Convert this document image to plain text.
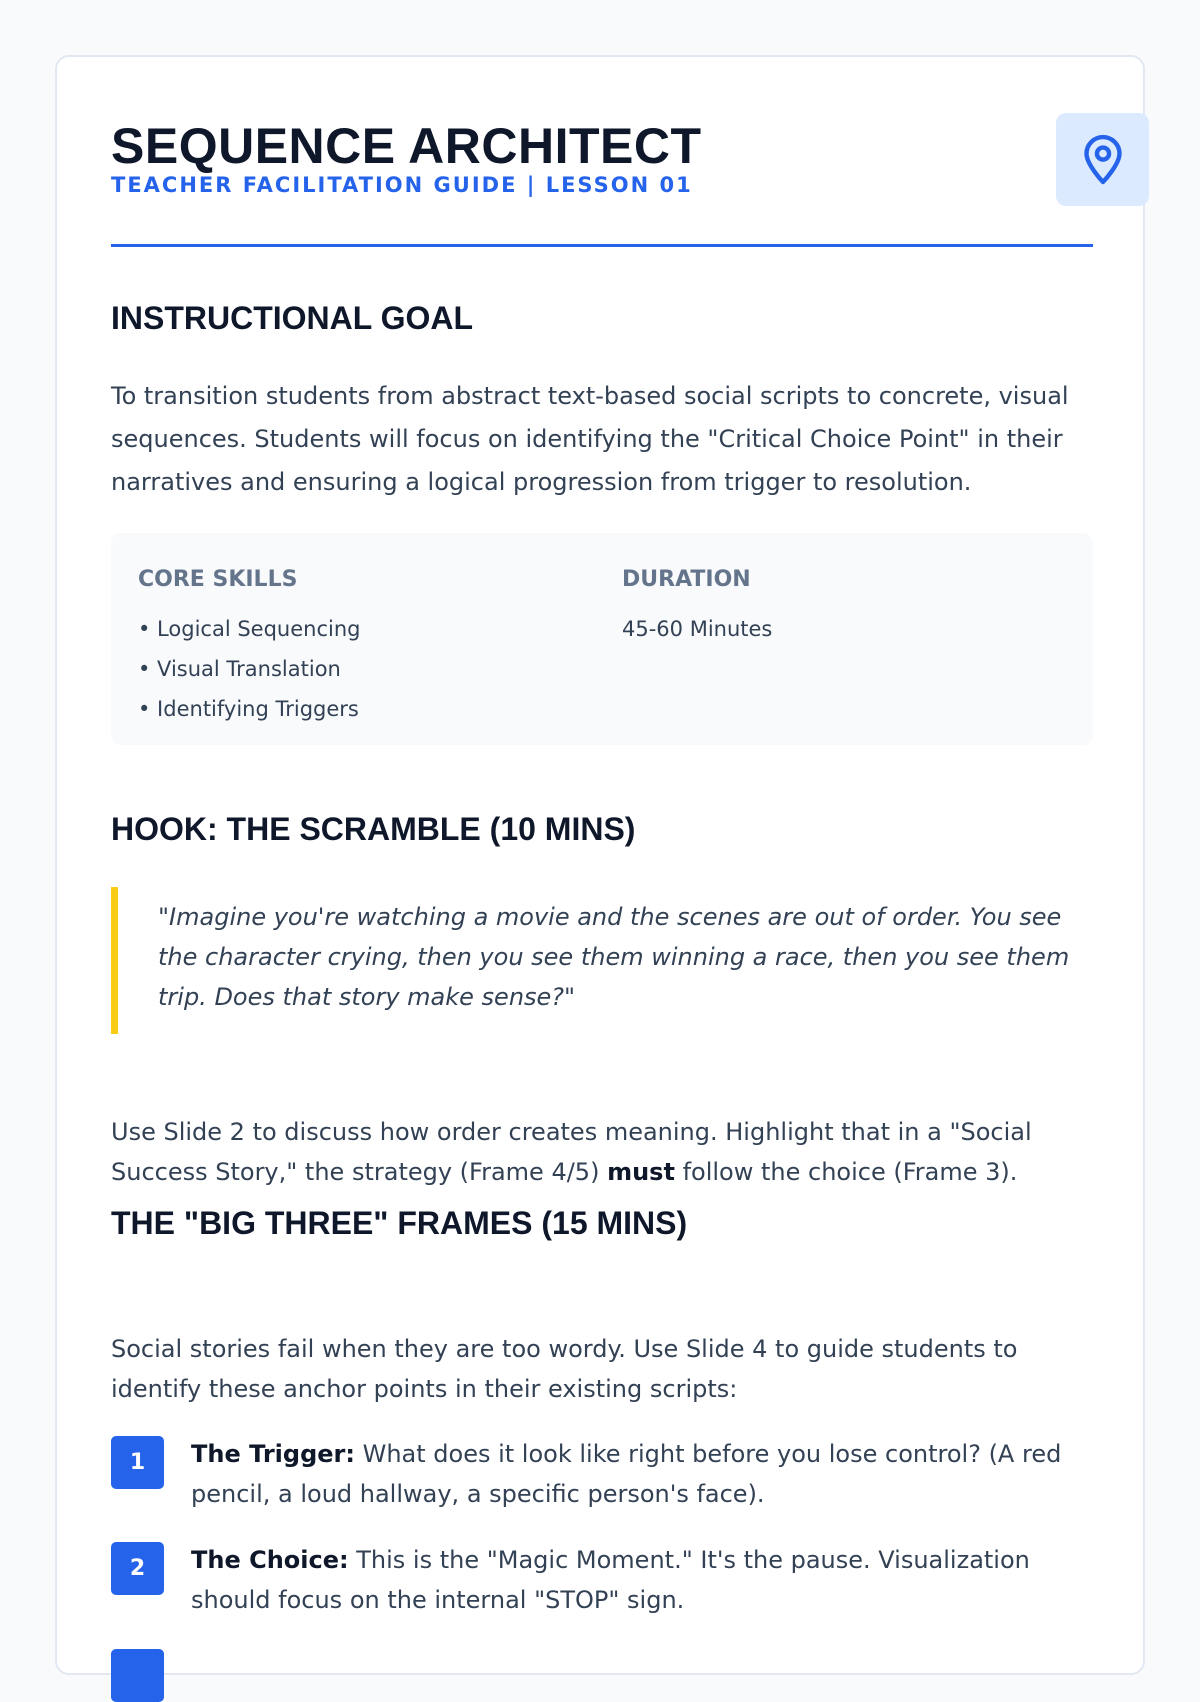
SEQUENCE ARCHITECT
TEACHER FACILITATION GUIDE | LESSON 01
INSTRUCTIONAL GOAL

To transition students from abstract text-based social scripts to concrete, visual sequences. Students will focus on identifying the "Critical Choice Point" in their narratives and ensuring a logical progression from trigger to resolution.

CORE SKILLS
• Logical Sequencing
• Visual Translation
• Identifying Triggers
DURATION
45-60 Minutes
HOOK: THE SCRAMBLE (10 MINS)

"Imagine you're watching a movie and the scenes are out of order. You see the character crying, then you see them winning a race, then you see them trip. Does that story make sense?"

Use Slide 2 to discuss how order creates meaning. Highlight that in a "Social Success Story," the strategy (Frame 4/5) must follow the choice (Frame 3).

THE "BIG THREE" FRAMES (15 MINS)

Social stories fail when they are too wordy. Use Slide 4 to guide students to identify these anchor points in their existing scripts:

1	The Trigger: What does it look like right before you lose control? (A red pencil, a loud hallway, a specific person's face).

2	The Choice: This is the "Magic Moment." It's the pause. Visualization should focus on the internal "STOP" sign.
